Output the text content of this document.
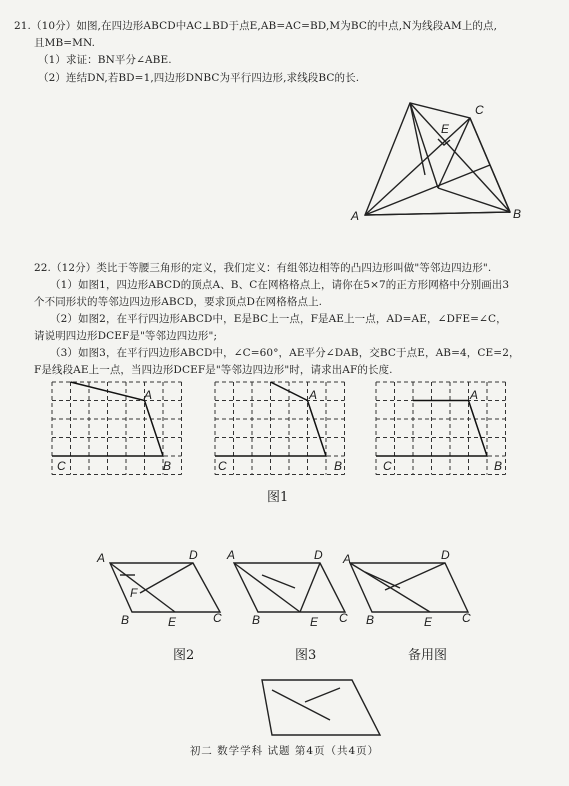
21.（10分）如图,在四边形ABCD中AC⊥BD于点E,AB=AC=BD,M为BC的中点,N为线段AM上的点,
且MB=MN.
（1）求证：BN平分∠ABE.
（2）连结DN,若BD=1,四边形DNBC为平行四边形,求线段BC的长.
A	B
C
E
22.（12分）类比于等腰三角形的定义，我们定义：有组邻边相等的凸四边形叫做"等邻边四边形".
（1）如图1，四边形ABCD的顶点A、B、C在网格格点上，请你在5×7的正方形网格中分别画出3
个不同形状的等邻边四边形ABCD，要求顶点D在网格格点上.
（2）如图2，在平行四边形ABCD中，E是BC上一点，F是AE上一点，AD=AE，∠DFE=∠C，
请说明四边形DCEF是"等邻边四边形";
（3）如图3，在平行四边形ABCD中，∠C=60°，AE平分∠DAB，交BC于点E，AB=4，CE=2，
F是线段AE上一点，当四边形DCEF是"等邻边四边形"时，请求出AF的长度.
A
B
C
A
B
C
A
B
C
图1
A	D
F
B	E	C
A	D
B	E C
A	D
B	E C
图2	图3	备用图
初二 数学学科 试题 第4页（共4页）
